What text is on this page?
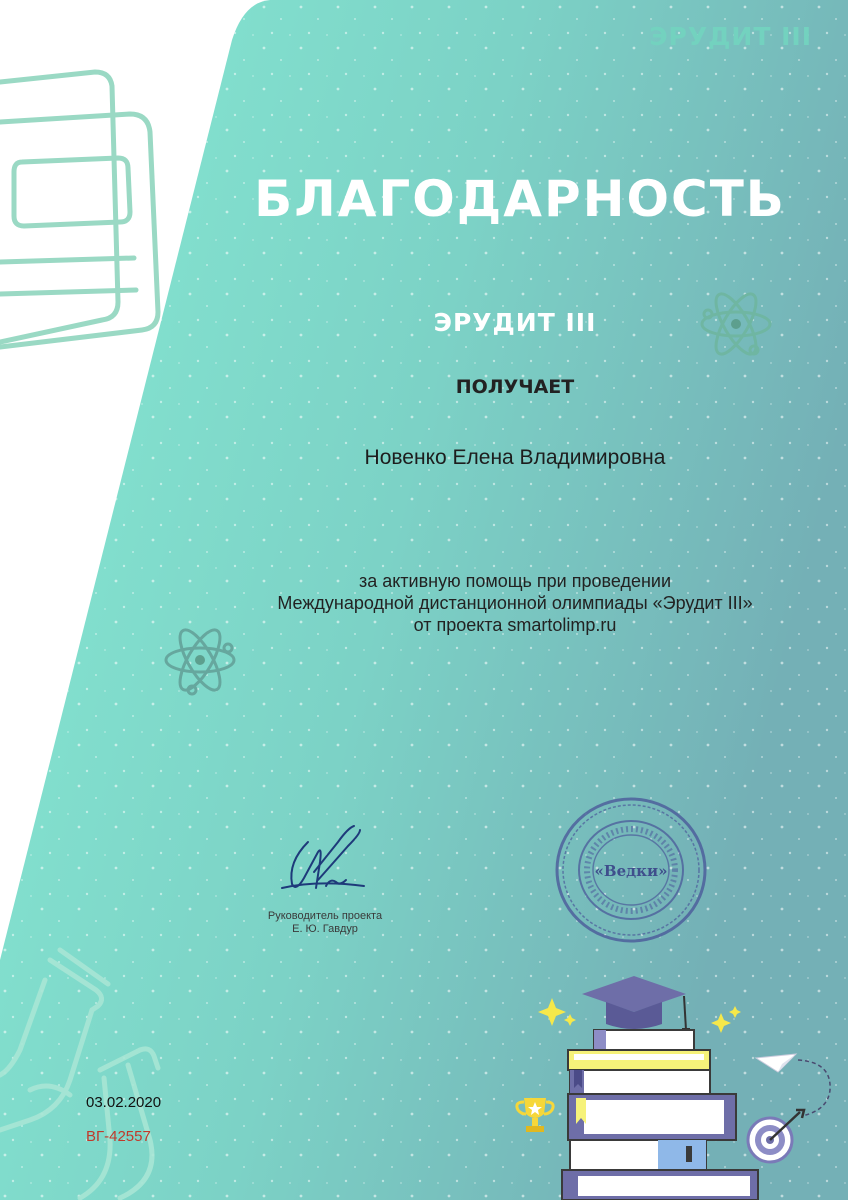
ЭРУДИТ III
БЛАГОДАРНОСТЬ
ЭРУДИТ III
ПОЛУЧАЕТ
Новенко Елена Владимировна
за активную помощь при проведении
Международной дистанционной олимпиады «Эрудит III»
от проекта smartolimp.ru
Руководитель проекта
Е. Ю. Гавдур
«Ведки»
03.02.2020
ВГ-42557
